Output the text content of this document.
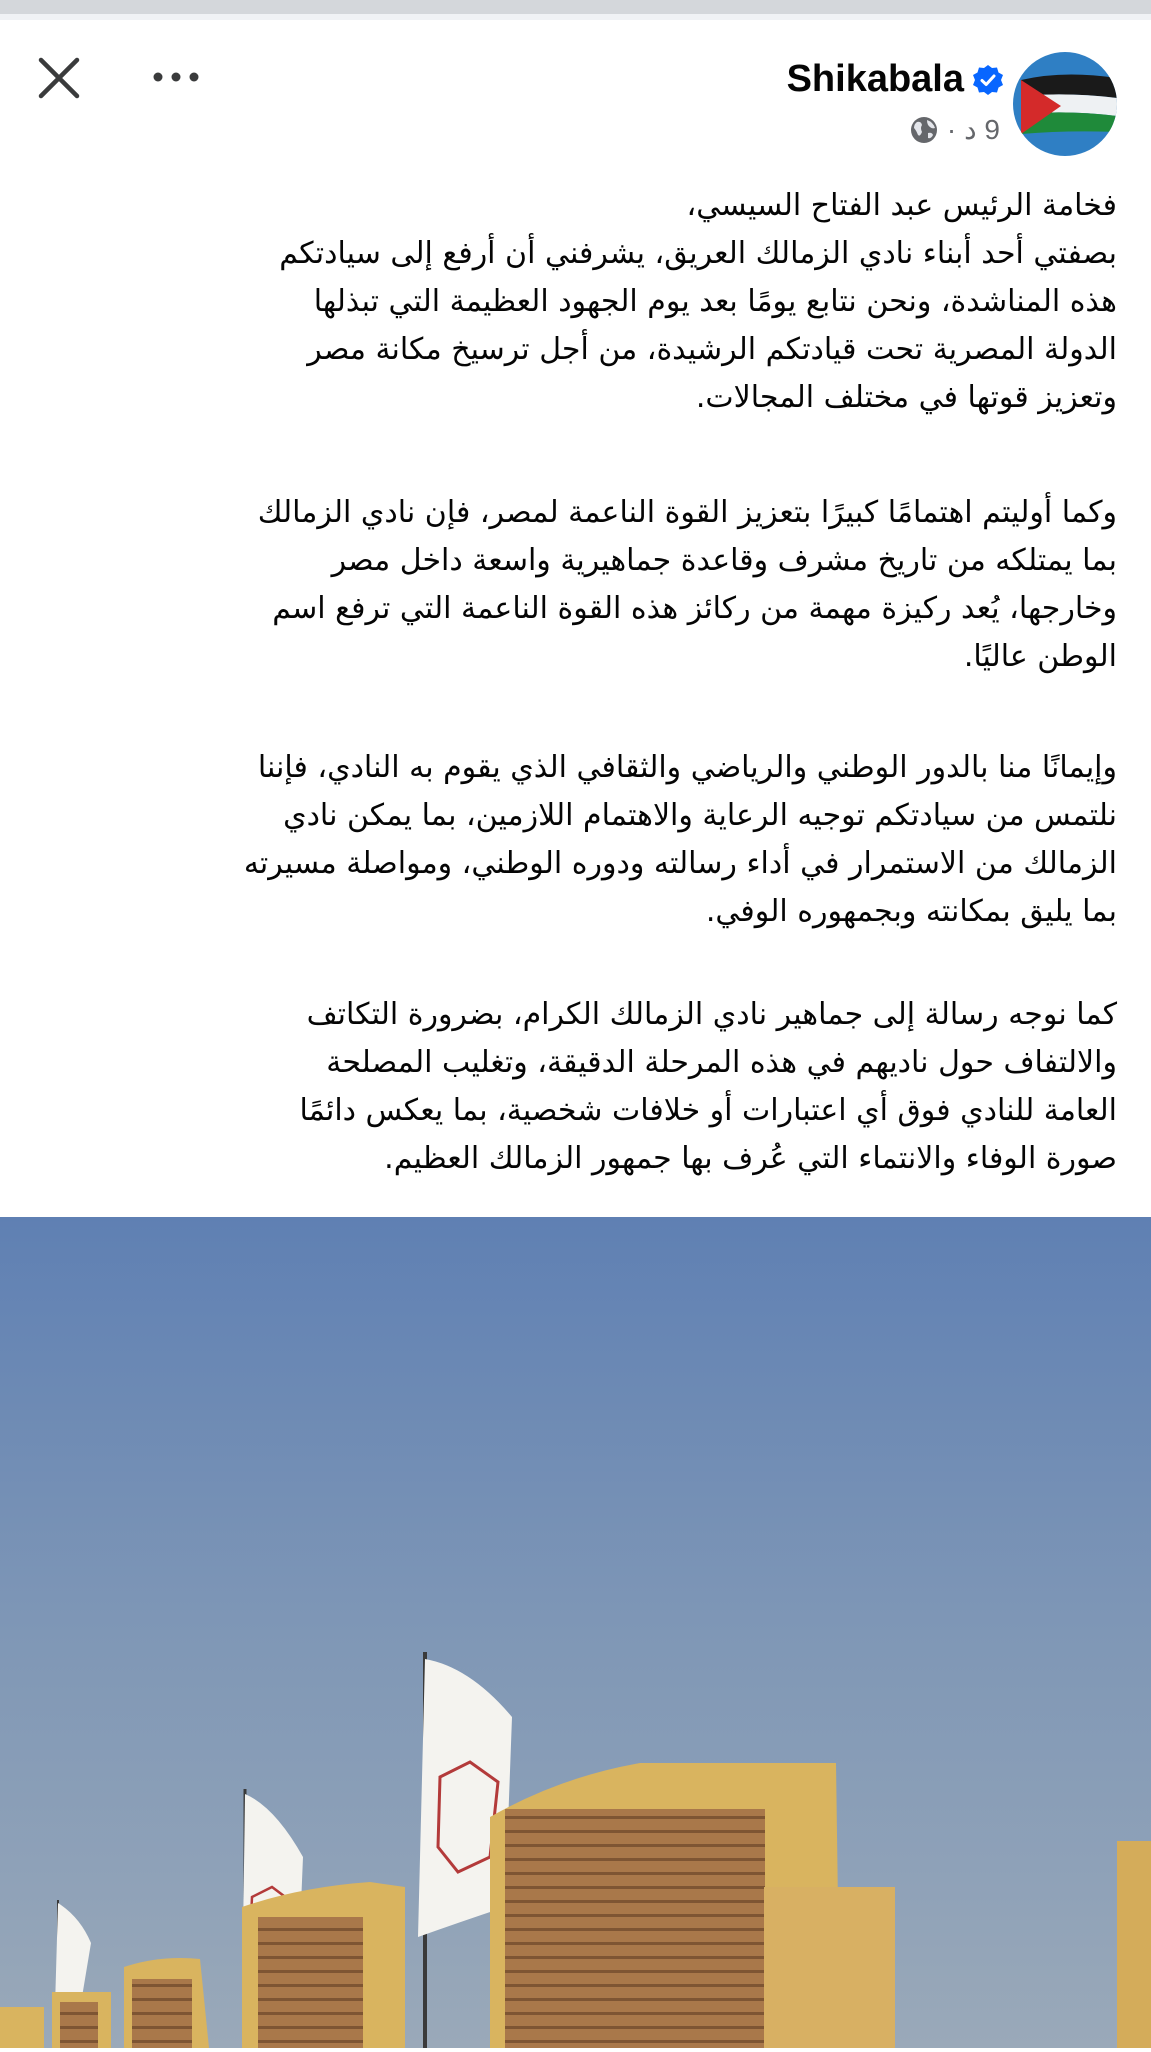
Shikabala
9 د
·
فخامة الرئيس عبد الفتاح السيسي،
بصفتي أحد أبناء نادي الزمالك العريق، يشرفني أن أرفع إلى سيادتكم
هذه المناشدة، ونحن نتابع يومًا بعد يوم الجهود العظيمة التي تبذلها
الدولة المصرية تحت قيادتكم الرشيدة، من أجل ترسيخ مكانة مصر
وتعزيز قوتها في مختلف المجالات.
وكما أوليتم اهتمامًا كبيرًا بتعزيز القوة الناعمة لمصر، فإن نادي الزمالك
بما يمتلكه من تاريخ مشرف وقاعدة جماهيرية واسعة داخل مصر
وخارجها، يُعد ركيزة مهمة من ركائز هذه القوة الناعمة التي ترفع اسم
الوطن عاليًا.
وإيمانًا منا بالدور الوطني والرياضي والثقافي الذي يقوم به النادي، فإننا
نلتمس من سيادتكم توجيه الرعاية والاهتمام اللازمين، بما يمكن نادي
الزمالك من الاستمرار في أداء رسالته ودوره الوطني، ومواصلة مسيرته
بما يليق بمكانته وبجمهوره الوفي.
كما نوجه رسالة إلى جماهير نادي الزمالك الكرام، بضرورة التكاتف
والالتفاف حول ناديهم في هذه المرحلة الدقيقة، وتغليب المصلحة
العامة للنادي فوق أي اعتبارات أو خلافات شخصية، بما يعكس دائمًا
صورة الوفاء والانتماء التي عُرف بها جمهور الزمالك العظيم.
